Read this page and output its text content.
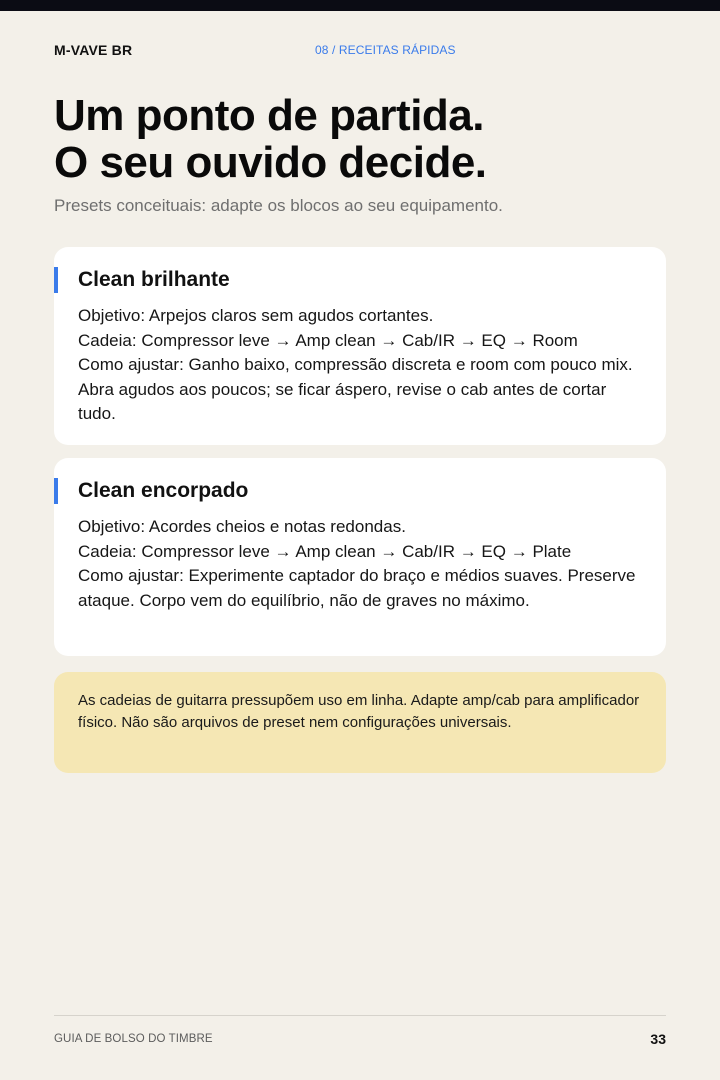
M-VAVE BR	08 / RECEITAS RÁPIDAS
Um ponto de partida.
O seu ouvido decide.
Presets conceituais: adapte os blocos ao seu equipamento.
Clean brilhante
Objetivo: Arpejos claros sem agudos cortantes.
Cadeia: Compressor leve → Amp clean → Cab/IR → EQ → Room
Como ajustar: Ganho baixo, compressão discreta e room com pouco mix. Abra agudos aos poucos; se ficar áspero, revise o cab antes de cortar tudo.
Clean encorpado
Objetivo: Acordes cheios e notas redondas.
Cadeia: Compressor leve → Amp clean → Cab/IR → EQ → Plate
Como ajustar: Experimente captador do braço e médios suaves. Preserve ataque. Corpo vem do equilíbrio, não de graves no máximo.
As cadeias de guitarra pressupõem uso em linha. Adapte amp/cab para amplificador físico. Não são arquivos de preset nem configurações universais.
GUIA DE BOLSO DO TIMBRE	33
